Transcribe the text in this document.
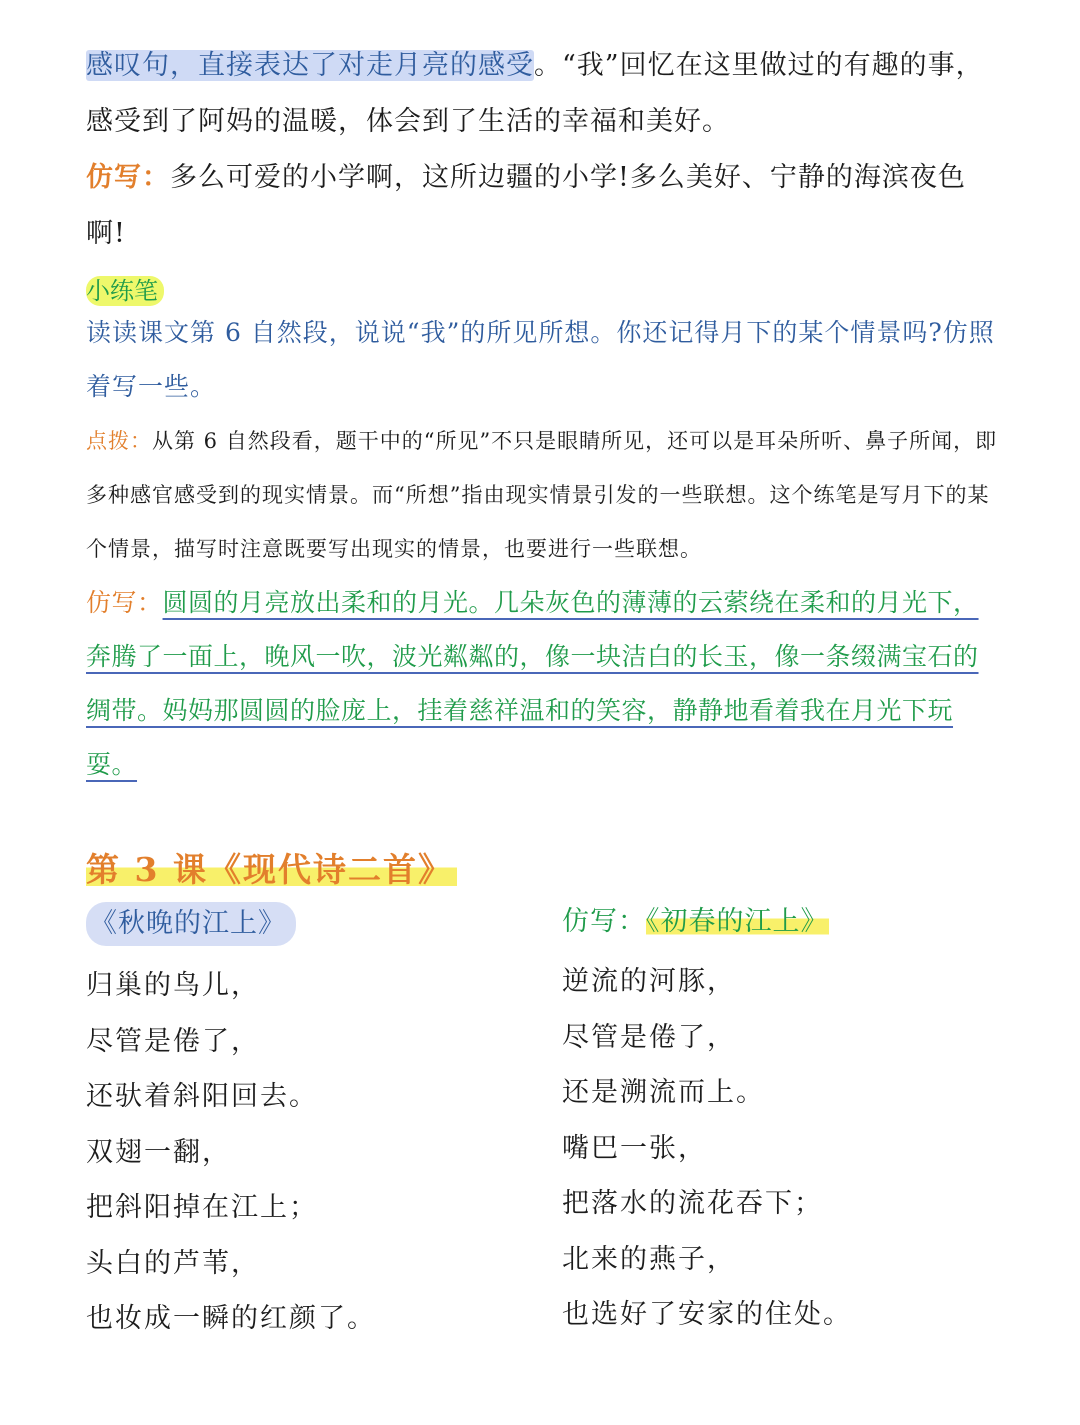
感叹句，直接表达了对走月亮的感受。“我”回忆在这里做过的有趣的事，感受到了阿妈的温暖，体会到了生活的幸福和美好。

仿写：多么可爱的小学啊，这所边疆的小学!多么美好、宁静的海滨夜色啊!

小练笔

读读课文第 6 自然段，说说“我”的所见所想。你还记得月下的某个情景吗?仿照着写一些。

点拨：从第 6 自然段看，题干中的“所见”不只是眼睛所见，还可以是耳朵所听、鼻子所闻，即多种感官感受到的现实情景。而“所想”指由现实情景引发的一些联想。这个练笔是写月下的某个情景，描写时注意既要写出现实的情景，也要进行一些联想。

仿写：圆圆的月亮放出柔和的月光。几朵灰色的薄薄的云萦绕在柔和的月光下，奔腾了一面上，晚风一吹，波光粼粼的，像一块洁白的长玉，像一条缀满宝石的绸带。妈妈那圆圆的脸庞上，挂着慈祥温和的笑容，静静地看着我在月光下玩耍。

第 3 课《现代诗二首》

《秋晚的江上》

归巢的鸟儿，

尽管是倦了，

还驮着斜阳回去。

双翅一翻，

把斜阳掉在江上；

头白的芦苇，

也妆成一瞬的红颜了。

仿写：《初春的江上》

逆流的河豚，

尽管是倦了，

还是溯流而上。

嘴巴一张，

把落水的流花吞下；

北来的燕子，

也选好了安家的住处。
